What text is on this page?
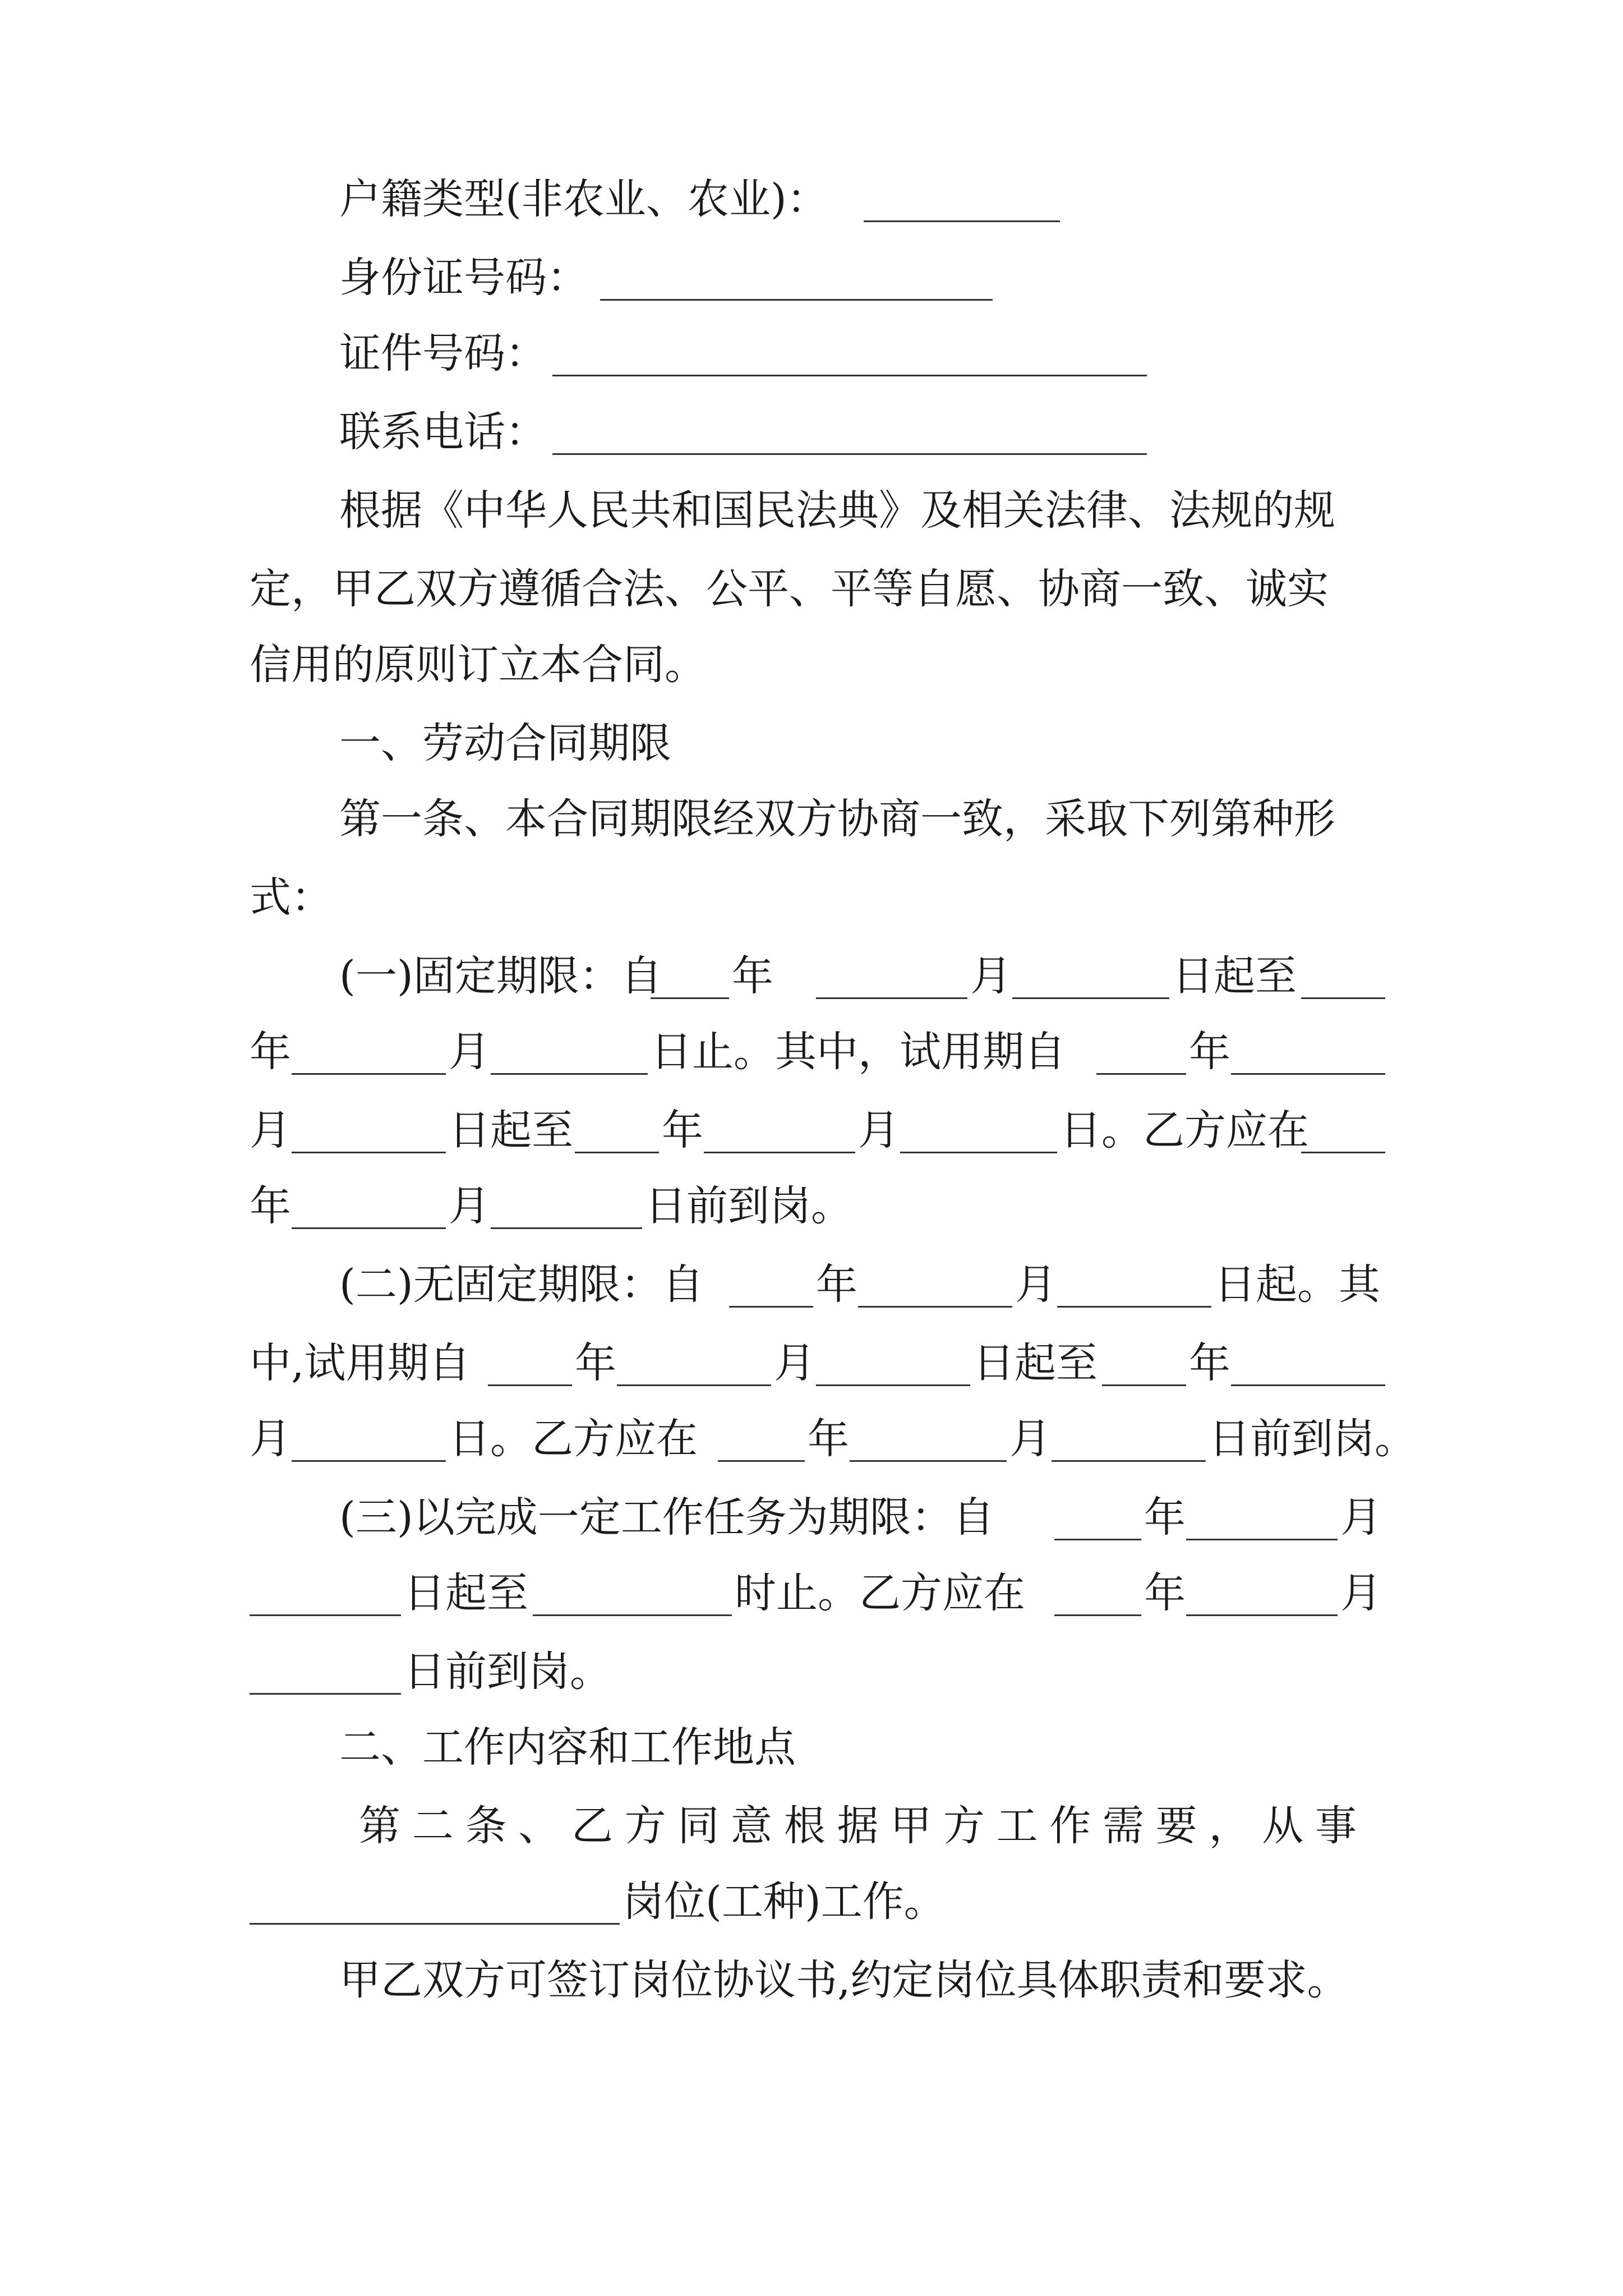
户籍类型(非农业、农业)：
身份证号码：
证件号码：
联系电话：
根据《中华人民共和国民法典》及相关法律、法规的规
定，甲乙双方遵循合法、公平、平等自愿、协商一致、诚实
信用的原则订立本合同。
一、劳动合同期限
第一条、本合同期限经双方协商一致，采取下列第种形
式：
(一)固定期限：自 年	月	日起至
年	月	日止。其中，试用期自	年
月	日起至 年	月	日。乙方应在
年	月	日前到岗。
(二)无固定期限：自	年	月	日起。其
中,试用期自	年	月	日起至 年
月	日。乙方应在	年	月	日前到岗。
(三)以完成一定工作任务为期限：自	年	月
日起至	时止。乙方应在	年	月
日前到岗。
二、工作内容和工作地点
第二条、乙方同意根据甲方工作需要，从事
岗位(工种)工作。
甲乙双方可签订岗位协议书,约定岗位具体职责和要求。
